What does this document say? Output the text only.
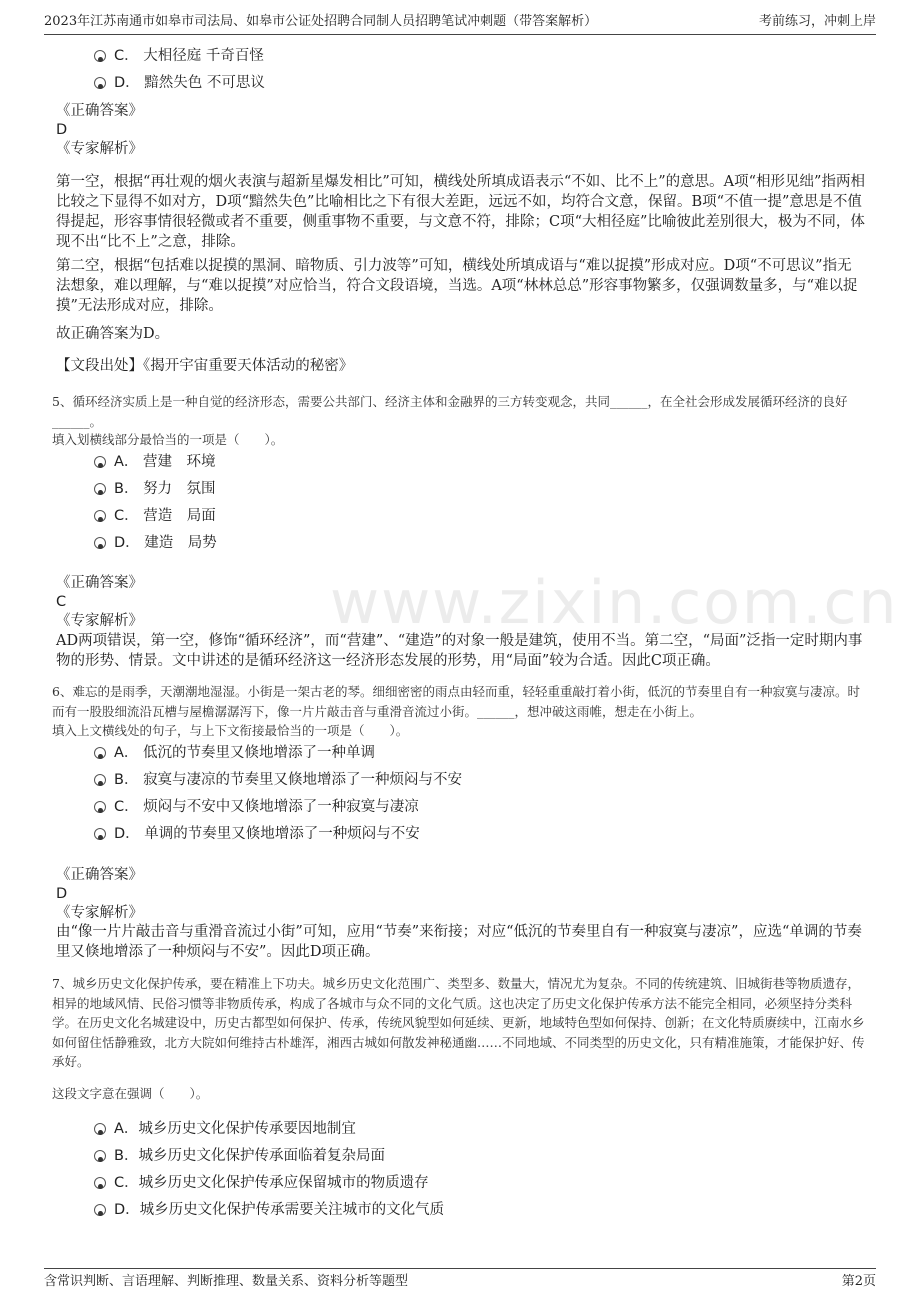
2023年江苏南通市如皋市司法局、如皋市公证处招聘合同制人员招聘笔试冲刺题（带答案解析）	考前练习，冲刺上岸
www.zixin.com.cn
C． 大相径庭 千奇百怪
D． 黯然失色 不可思议
《正确答案》
D
《专家解析》
第一空，根据“再壮观的烟火表演与超新星爆发相比”可知，横线处所填成语表示“不如、比不上”的意思。A项“相形见绌”指两相比较之下显得不如对方，D项“黯然失色”比喻相比之下有很大差距，远远不如，均符合文意，保留。B项“不值一提”意思是不值得提起，形容事情很轻微或者不重要，侧重事物不重要，与文意不符，排除；C项“大相径庭”比喻彼此差别很大，极为不同，体现不出“比不上”之意，排除。
第二空，根据“包括难以捉摸的黑洞、暗物质、引力波等”可知，横线处所填成语与“难以捉摸”形成对应。D项“不可思议”指无法想象，难以理解，与“难以捉摸”对应恰当，符合文段语境，当选。A项“林林总总”形容事物繁多，仅强调数量多，与“难以捉摸”无法形成对应，排除。
故正确答案为D。
【文段出处】《揭开宇宙重要天体活动的秘密》
5、循环经济实质上是一种自觉的经济形态，需要公共部门、经济主体和金融界的三方转变观念，共同______，在全社会形成发展循环经济的良好______。
填入划横线部分最恰当的一项是（　　）。
A． 营建　环境
B． 努力　氛围
C． 营造　局面
D． 建造　局势
《正确答案》
C
《专家解析》
AD两项错误，第一空，修饰“循环经济”，而“营建”、“建造”的对象一般是建筑，使用不当。第二空，“局面”泛指一定时期内事物的形势、情景。文中讲述的是循环经济这一经济形态发展的形势，用“局面”较为合适。因此C项正确。
6、难忘的是雨季，天潮潮地湿湿。小街是一架古老的琴。细细密密的雨点由轻而重，轻轻重重敲打着小街，低沉的节奏里自有一种寂寞与凄凉。时而有一股股细流沿瓦槽与屋檐潺潺泻下，像一片片敲击音与重滑音流过小街。______，想冲破这雨帷，想走在小街上。
填入上文横线处的句子，与上下文衔接最恰当的一项是（　　）。
A． 低沉的节奏里又倏地增添了一种单调
B． 寂寞与凄凉的节奏里又倏地增添了一种烦闷与不安
C． 烦闷与不安中又倏地增添了一种寂寞与凄凉
D． 单调的节奏里又倏地增添了一种烦闷与不安
《正确答案》
D
《专家解析》
由“像一片片敲击音与重滑音流过小街”可知，应用“节奏”来衔接；对应“低沉的节奏里自有一种寂寞与凄凉”，应选“单调的节奏里又倏地增添了一种烦闷与不安”。因此D项正确。
7、城乡历史文化保护传承，要在精准上下功夫。城乡历史文化范围广、类型多、数量大，情况尤为复杂。不同的传统建筑、旧城街巷等物质遗存，相异的地域风情、民俗习惯等非物质传承，构成了各城市与众不同的文化气质。这也决定了历史文化保护传承方法不能完全相同，必须坚持分类科学。在历史文化名城建设中，历史古都型如何保护、传承，传统风貌型如何延续、更新，地域特色型如何保持、创新；在文化特质赓续中，江南水乡如何留住恬静雅致，北方大院如何维持古朴雄浑，湘西古城如何散发神秘通幽……不同地域、不同类型的历史文化，只有精准施策，才能保护好、传承好。
这段文字意在强调（　　）。
A．城乡历史文化保护传承要因地制宜
B．城乡历史文化保护传承面临着复杂局面
C．城乡历史文化保护传承应保留城市的物质遗存
D．城乡历史文化保护传承需要关注城市的文化气质
含常识判断、言语理解、判断推理、数量关系、资料分析等题型	第2页
